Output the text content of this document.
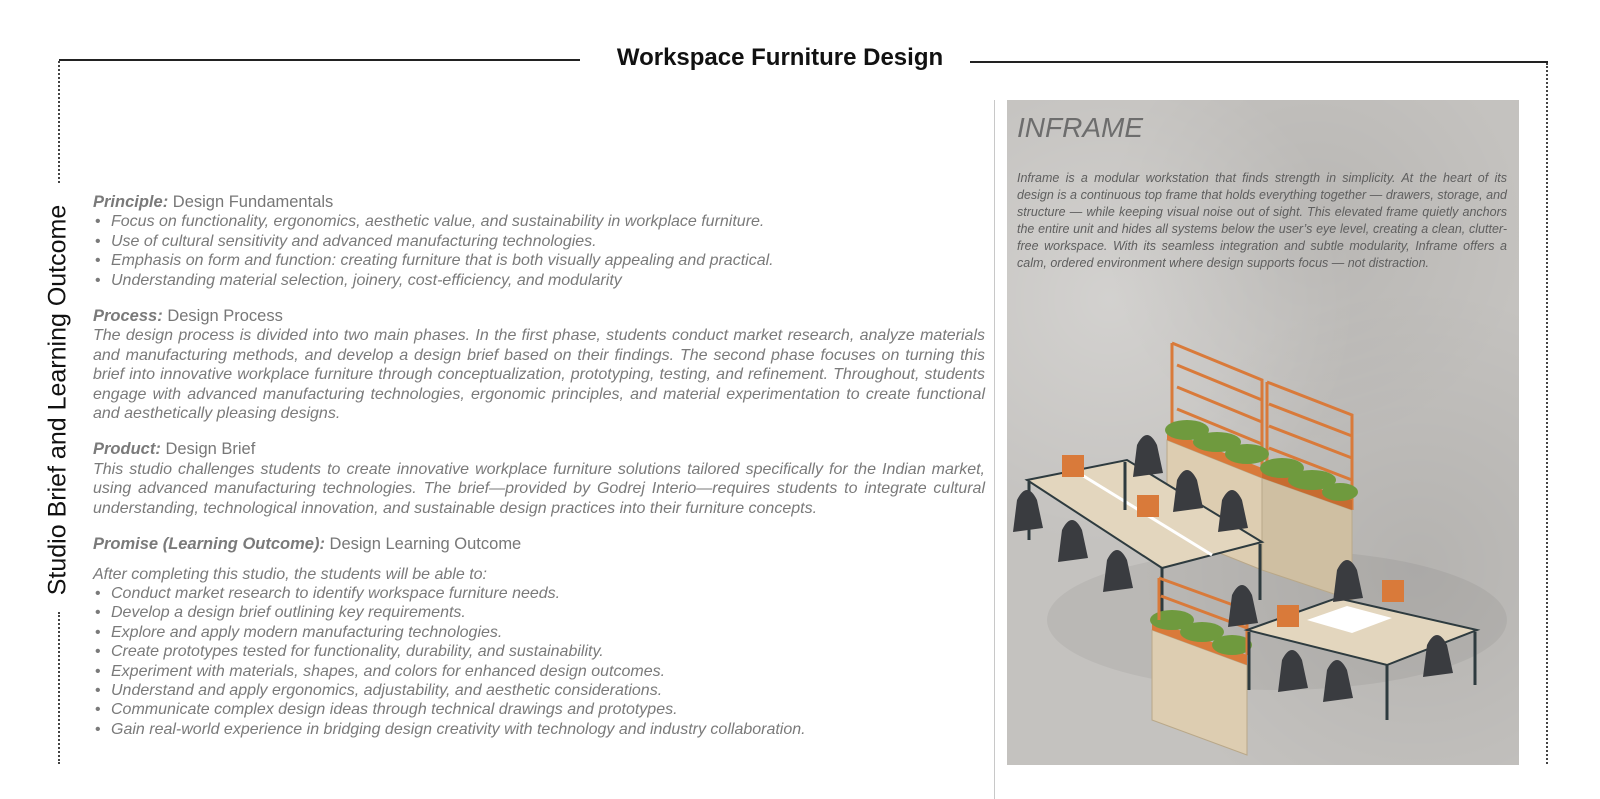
Workspace Furniture Design
Studio Brief and Learning Outcome
Principle: Design Fundamentals
• Focus on functionality, ergonomics, aesthetic value, and sustainability in workplace furniture.
• Use of cultural sensitivity and advanced manufacturing technologies.
• Emphasis on form and function: creating furniture that is both visually appealing and practical.
• Understanding material selection, joinery, cost-efficiency, and modularity
Process: Design Process

The design process is divided into two main phases. In the first phase, students conduct market research, analyze materials and manufacturing methods, and develop a design brief based on their findings. The second phase focuses on turning this brief into innovative workplace furniture through conceptualization, prototyping, testing, and refinement. Throughout, students engage with advanced manufacturing technologies, ergonomic principles, and material experimentation to create functional and aesthetically pleasing designs.

Product: Design Brief

This studio challenges students to create innovative workplace furniture solutions tailored specifically for the Indian market, using advanced manufacturing technologies. The brief—provided by Godrej Interio—requires students to integrate cultural understanding, technological innovation, and sustainable design practices into their furniture concepts.

Promise (Learning Outcome): Design Learning Outcome

After completing this studio, the students will be able to:

• Conduct market research to identify workspace furniture needs.
• Develop a design brief outlining key requirements.
• Explore and apply modern manufacturing technologies.
• Create prototypes tested for functionality, durability, and sustainability.
• Experiment with materials, shapes, and colors for enhanced design outcomes.
• Understand and apply ergonomics, adjustability, and aesthetic considerations.
• Communicate complex design ideas through technical drawings and prototypes.
• Gain real-world experience in bridging design creativity with technology and industry collaboration.
INFRAME

Inframe is a modular workstation that finds strength in simplicity. At the heart of its design is a continuous top frame that holds everything together — drawers, storage, and structure — while keeping visual noise out of sight. This elevated frame quietly anchors the entire unit and hides all systems below the user’s eye level, creating a clean, clutter-free workspace. With its seamless integration and subtle modularity, Inframe offers a calm, ordered environment where design supports focus — not distraction.
